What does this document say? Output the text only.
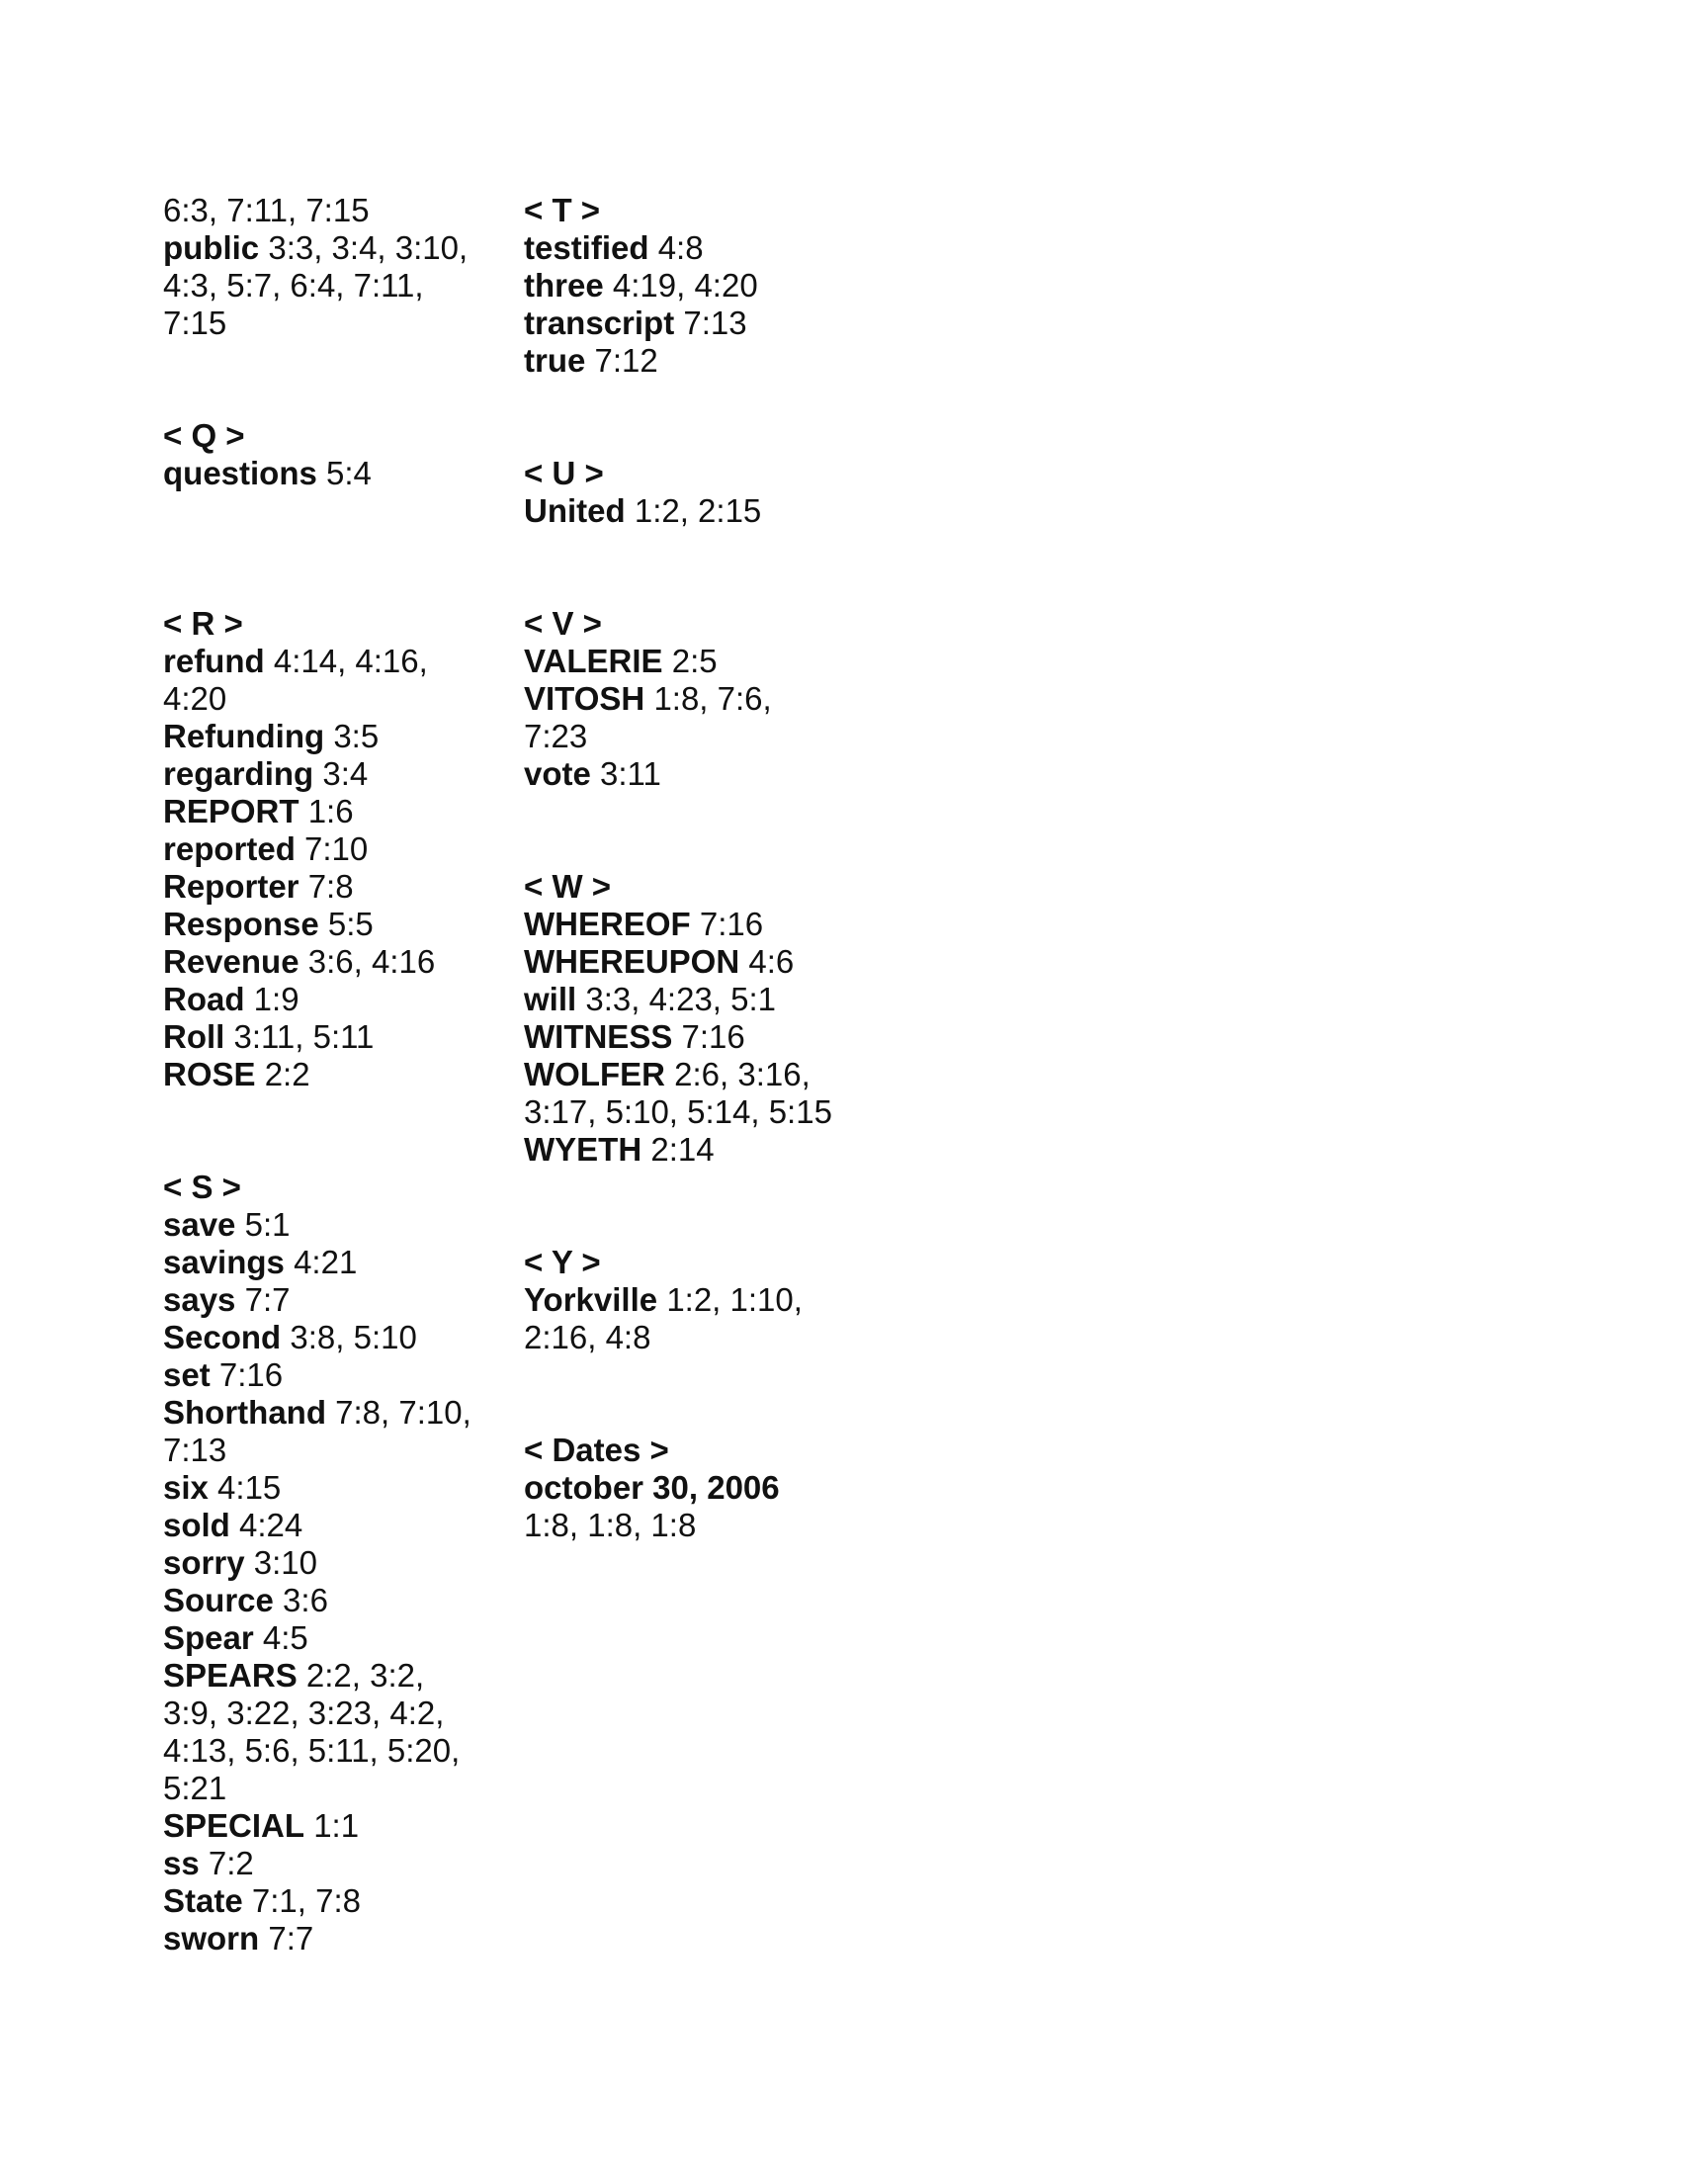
6:3, 7:11, 7:15
public 3:3, 3:4, 3:10,
4:3, 5:7, 6:4, 7:11,
7:15
< Q >
questions 5:4
< R >
refund 4:14, 4:16,
4:20
Refunding 3:5
regarding 3:4
REPORT 1:6
reported 7:10
Reporter 7:8
Response 5:5
Revenue 3:6, 4:16
Road 1:9
Roll 3:11, 5:11
ROSE 2:2
< S >
save 5:1
savings 4:21
says 7:7
Second 3:8, 5:10
set 7:16
Shorthand 7:8, 7:10,
7:13
six 4:15
sold 4:24
sorry 3:10
Source 3:6
Spear 4:5
SPEARS 2:2, 3:2,
3:9, 3:22, 3:23, 4:2,
4:13, 5:6, 5:11, 5:20,
5:21
SPECIAL 1:1
ss 7:2
State 7:1, 7:8
sworn 7:7
< T >
testified 4:8
three 4:19, 4:20
transcript 7:13
true 7:12
< U >
United 1:2, 2:15
< V >
VALERIE 2:5
VITOSH 1:8, 7:6,
7:23
vote 3:11
< W >
WHEREOF 7:16
WHEREUPON 4:6
will 3:3, 4:23, 5:1
WITNESS 7:16
WOLFER 2:6, 3:16,
3:17, 5:10, 5:14, 5:15
WYETH 2:14
< Y >
Yorkville 1:2, 1:10,
2:16, 4:8
< Dates >
october 30, 2006
1:8, 1:8, 1:8
